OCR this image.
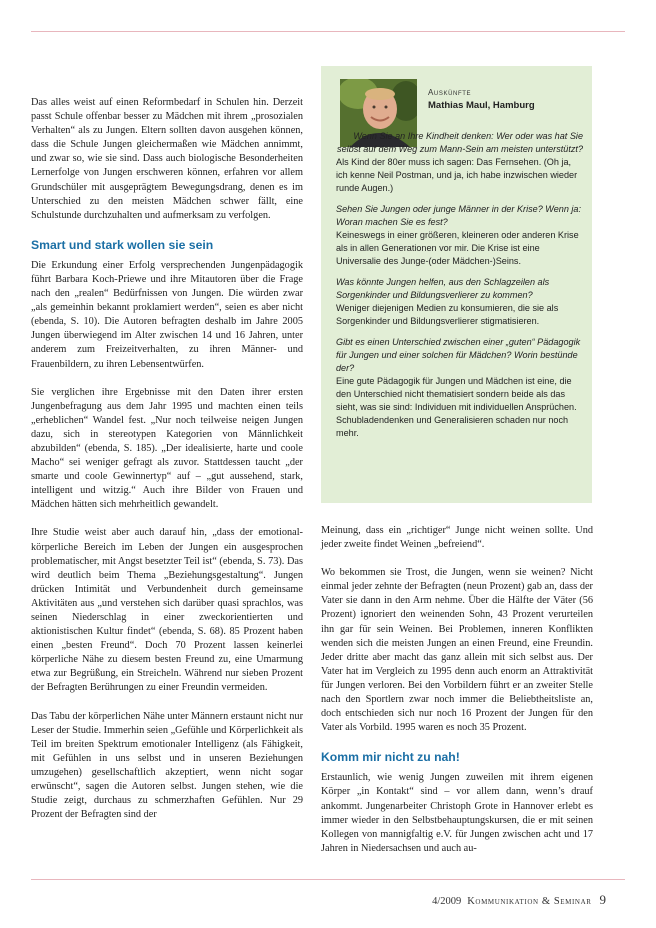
Das alles weist auf einen Reformbedarf in Schulen hin. Derzeit passt Schule offenbar besser zu Mädchen mit ihrem „prosozialen Verhalten“ als zu Jungen. Eltern sollten davon ausgehen können, dass die Schule Jungen gleichermaßen wie Mädchen annimmt, und zwar so, wie sie sind. Dass auch biologische Besonderheiten Lernerfolge von Jungen erschweren können, erfahren vor allem Grundschüler mit ausgeprägtem Bewegungsdrang, denen es im Unterschied zu den meisten Mädchen schwer fällt, eine Schulstunde durchzuhalten und aufmerksam zu verfolgen.

Smart und stark wollen sie sein

Die Erkundung einer Erfolg versprechenden Jungenpädagogik führt Barbara Koch-Priewe und ihre Mitautoren über die Frage nach den „realen“ Bedürfnissen von Jungen. Die würden zwar „als gemeinhin bekannt proklamiert werden“, seien es aber nicht (ebenda, S. 10). Die Autoren befragten deshalb im Jahre 2005 Jungen überwiegend im Alter zwischen 14 und 16 Jahren, unter anderem zum Freizeitverhalten, zu ihren Männer- und Frauenbildern, zu ihren Lebensentwürfen.

Sie verglichen ihre Ergebnisse mit den Daten ihrer ersten Jungenbefragung aus dem Jahr 1995 und machten einen teils „erheblichen“ Wandel fest. „Nur noch teilweise neigen Jungen dazu, sich in stereotypen Kategorien von Männlichkeit abzubilden“ (ebenda, S. 185). „Der idealisierte, harte und coole Macho“ sei weniger gefragt als zuvor. Stattdessen taucht „der smarte und coole Gewinnertyp“ auf – „gut aussehend, stark, intelligent und witzig.“ Auch ihre Bilder von Frauen und Mädchen hätten sich mehrheitlich gewandelt.

Ihre Studie weist aber auch darauf hin, „dass der emotional-körperliche Bereich im Leben der Jungen ein ausgesprochen problematischer, mit Angst besetzter Teil ist“ (ebenda, S. 73). Das wird deutlich beim Thema „Beziehungsgestaltung“. Jungen drücken Intimität und Verbundenheit durch gemeinsame Aktivitäten aus „und verstehen sich darüber quasi sprachlos, was seinen Niederschlag in einer zweckorientierten und aktionistischen Kultur findet“ (ebenda, S. 68). 85 Prozent haben einen „besten Freund“. Doch 70 Prozent lassen keinerlei körperliche Nähe zu diesem besten Freund zu, eine Umarmung etwa zur Begrüßung, ein Streicheln. Während nur sieben Prozent der Befragten Berührungen zu einer Freundin vermeiden.

Das Tabu der körperlichen Nähe unter Männern erstaunt nicht nur Leser der Studie. Immerhin seien „Gefühle und Körperlichkeit als Teil im breiten Spektrum emotionaler Intelligenz (als Fähigkeit, mit Gefühlen in uns selbst und in unseren Beziehungen umzugehen) gesellschaftlich akzeptiert, wenn nicht sogar erwünscht“, sagen die Autoren selbst. Jungen stehen, wie die Studie zeigt, durchaus zu schmerzhaften Gefühlen. Nur 29 Prozent der Befragten sind der

Auskünfte
Mathias Maul, Hamburg

Wenn Sie an Ihre Kindheit denken: Wer oder was hat Sie selbst auf dem Weg zum Mann-Sein am meisten unterstützt?
Als Kind der 80er muss ich sagen: Das Fernsehen. (Oh ja, ich kenne Neil Postman, und ja, ich habe inzwischen wieder runde Augen.)

Sehen Sie Jungen oder junge Männer in der Krise? Wenn ja: Woran machen Sie es fest?
Keineswegs in einer größeren, kleineren oder anderen Krise als in allen Generationen vor mir. Die Krise ist eine Universalie des Junge-(oder Mädchen-)Seins.

Was könnte Jungen helfen, aus den Schlagzeilen als Sorgenkinder und Bildungsverlierer zu kommen?
Weniger diejenigen Medien zu konsumieren, die sie als Sorgenkinder und Bildungsverlierer stigmatisieren.

Gibt es einen Unterschied zwischen einer „guten“ Pädagogik für Jungen und einer solchen für Mädchen? Worin bestünde der?
Eine gute Pädagogik für Jungen und Mädchen ist eine, die den Unterschied nicht thematisiert sondern beide als das sieht, was sie sind: Individuen mit individuellen Ansprüchen. Schubladendenken und Generalisieren schaden nur noch mehr.

Meinung, dass ein „richtiger“ Junge nicht weinen sollte. Und jeder zweite findet Weinen „befreiend“.

Wo bekommen sie Trost, die Jungen, wenn sie weinen? Nicht einmal jeder zehnte der Befragten (neun Prozent) gab an, dass der Vater sie dann in den Arm nehme. Über die Hälfte der Väter (56 Prozent) ignoriert den weinenden Sohn, 43 Prozent verurteilen ihn gar für sein Weinen. Bei Problemen, inneren Konflikten wenden sich die meisten Jungen an einen Freund, eine Freundin. Jeder dritte aber macht das ganz allein mit sich selbst aus. Der Vater hat im Vergleich zu 1995 denn auch enorm an Attraktivität für Jungen verloren. Bei den Vorbildern führt er an zweiter Stelle nach den Sportlern zwar noch immer die Beliebtheitsliste an, doch entschieden sich nur noch 16 Prozent der Jungen für den Vater als Vorbild. 1995 waren es noch 35 Prozent.

Komm mir nicht zu nah!

Erstaunlich, wie wenig Jungen zuweilen mit ihrem eigenen Körper „in Kontakt“ sind – vor allem dann, wenn’s drauf ankommt. Jungenarbeiter Christoph Grote in Hannover erlebt es immer wieder in den Selbstbehauptungskursen, die er mit seinen Kollegen von mannigfaltig e.V. für Jungen zwischen acht und 17 Jahren in Niedersachsen und auch au-

4/2009 Kommunikation & Seminar 9
